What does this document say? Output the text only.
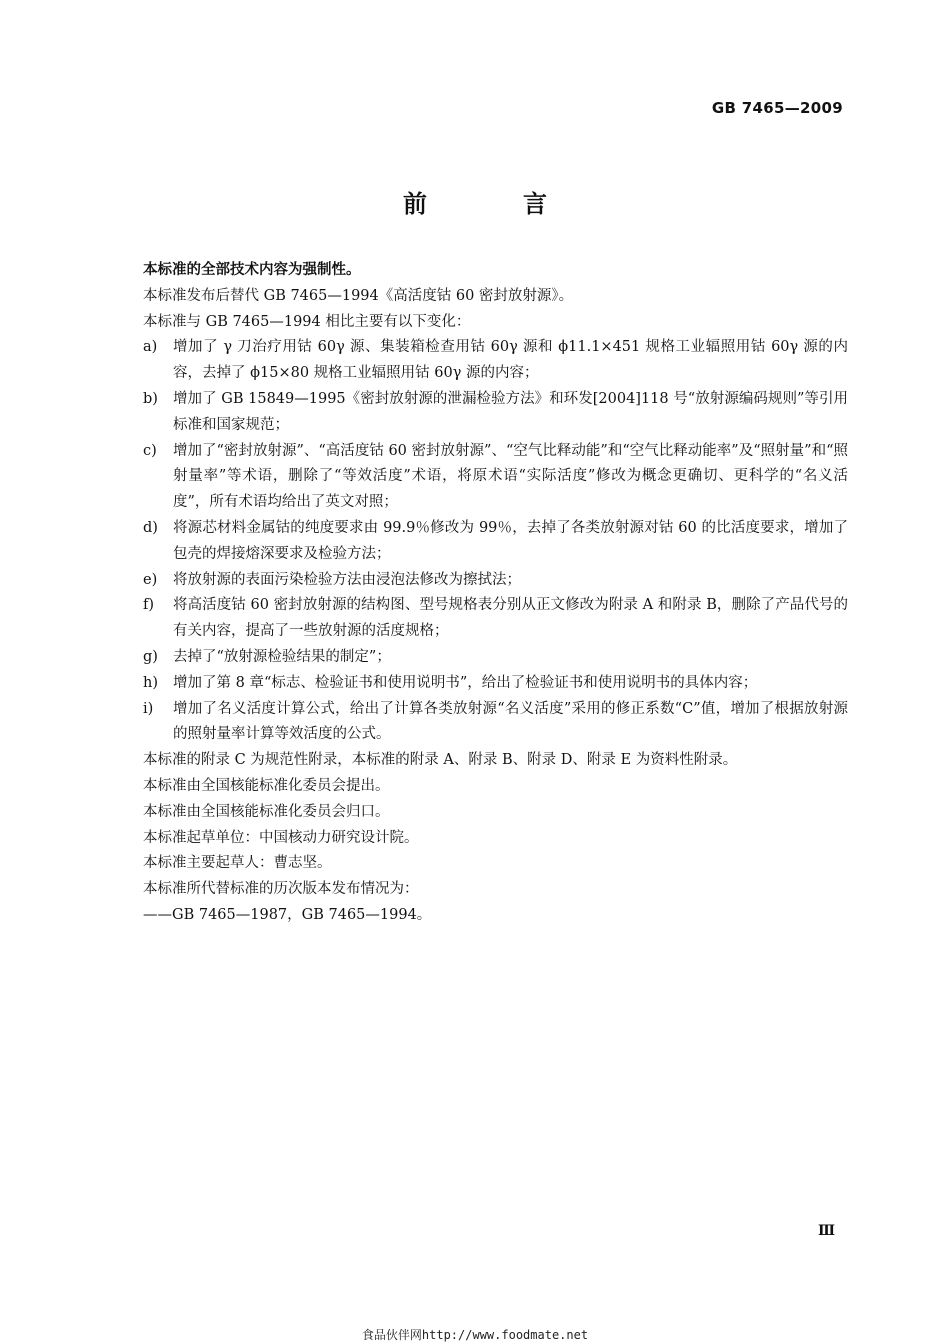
GB 7465—2009
前　言

本标准的全部技术内容为强制性。

本标准发布后替代 GB 7465—1994《高活度钴 60 密封放射源》。

本标准与 GB 7465—1994 相比主要有以下变化：

a)	增加了 γ 刀治疗用钴 60γ 源、集装箱检查用钴 60γ 源和 ϕ11.1×451 规格工业辐照用钴 60γ 源的内容，去掉了 ϕ15×80 规格工业辐照用钴 60γ 源的内容；
b)	增加了 GB 15849—1995《密封放射源的泄漏检验方法》和环发[2004]118 号“放射源编码规则”等引用标准和国家规范；
c)	增加了“密封放射源”、“高活度钴 60 密封放射源”、“空气比释动能”和“空气比释动能率”及“照射量”和“照射量率”等术语，删除了“等效活度”术语，将原术语“实际活度”修改为概念更确切、更科学的“名义活度”，所有术语均给出了英文对照；
d)	将源芯材料金属钴的纯度要求由 99.9％修改为 99％，去掉了各类放射源对钴 60 的比活度要求，增加了包壳的焊接熔深要求及检验方法；
e)	将放射源的表面污染检验方法由浸泡法修改为擦拭法；
f)	将高活度钴 60 密封放射源的结构图、型号规格表分别从正文修改为附录 A 和附录 B，删除了产品代号的有关内容，提高了一些放射源的活度规格；
g)	去掉了“放射源检验结果的制定”；
h)	增加了第 8 章“标志、检验证书和使用说明书”，给出了检验证书和使用说明书的具体内容；
i)	增加了名义活度计算公式，给出了计算各类放射源“名义活度”采用的修正系数“C”值，增加了根据放射源的照射量率计算等效活度的公式。

本标准的附录 C 为规范性附录，本标准的附录 A、附录 B、附录 D、附录 E 为资料性附录。

本标准由全国核能标准化委员会提出。

本标准由全国核能标准化委员会归口。

本标准起草单位：中国核动力研究设计院。

本标准主要起草人：曹志坚。

本标准所代替标准的历次版本发布情况为：

——GB 7465—1987，GB 7465—1994。

Ⅲ
食品伙伴网http://www.foodmate.net
